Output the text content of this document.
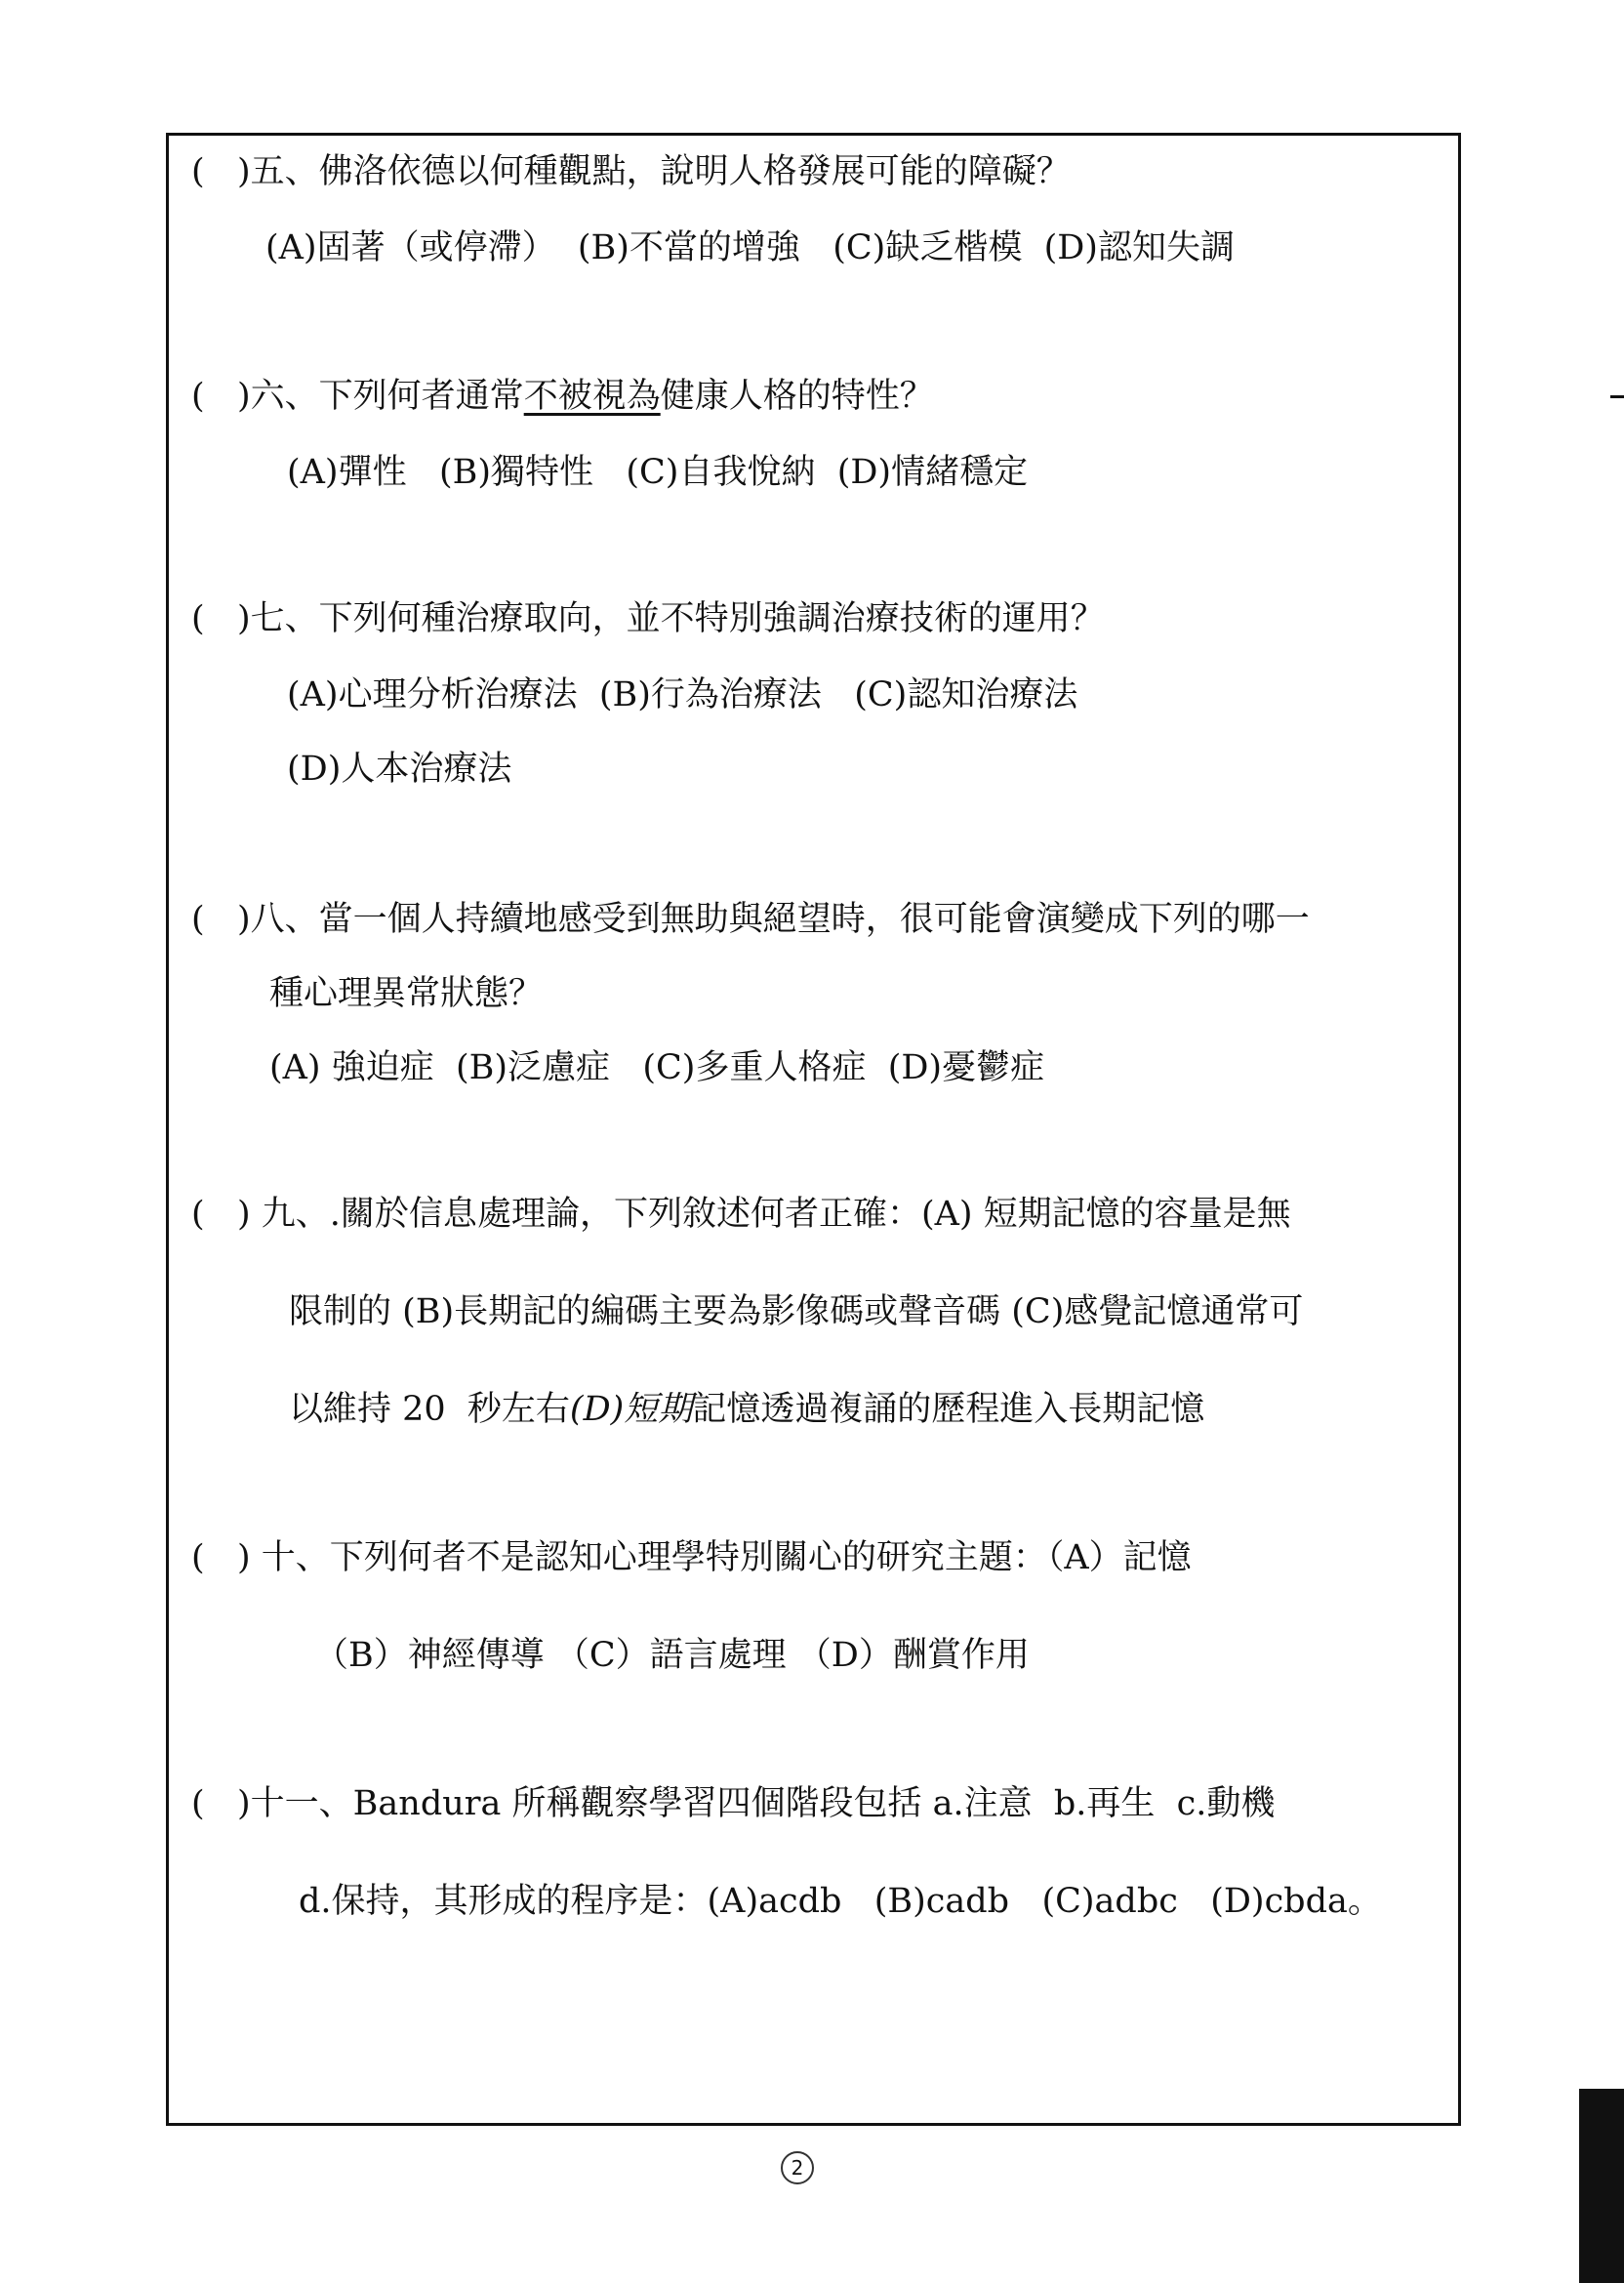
(   )五、佛洛依德以何種觀點，說明人格發展可能的障礙？
(A)固著（或停滯）  (B)不當的增強   (C)缺乏楷模  (D)認知失調
(   )六、下列何者通常不被視為健康人格的特性？
(A)彈性   (B)獨特性   (C)自我悅納  (D)情緒穩定
(   )七、下列何種治療取向，並不特別強調治療技術的運用？
(A)心理分析治療法  (B)行為治療法   (C)認知治療法
(D)人本治療法
(   )八、當一個人持續地感受到無助與絕望時，很可能會演變成下列的哪一
種心理異常狀態？
(A) 強迫症  (B)泛慮症   (C)多重人格症  (D)憂鬱症
(   ) 九、.關於信息處理論，下列敘述何者正確：(A) 短期記憶的容量是無
限制的 (B)長期記的編碼主要為影像碼或聲音碼 (C)感覺記憶通常可
以維持 20  秒左右(D)短期記憶透過複誦的歷程進入長期記憶
(   ) 十、下列何者不是認知心理學特別關心的研究主題：（A）記憶
（B）神經傳導 （C）語言處理 （D）酬賞作用
(   )十一、Bandura 所稱觀察學習四個階段包括 a.注意  b.再生  c.動機
d.保持，其形成的程序是：(A)acdb   (B)cadb   (C)adbc   (D)cbda。
2
